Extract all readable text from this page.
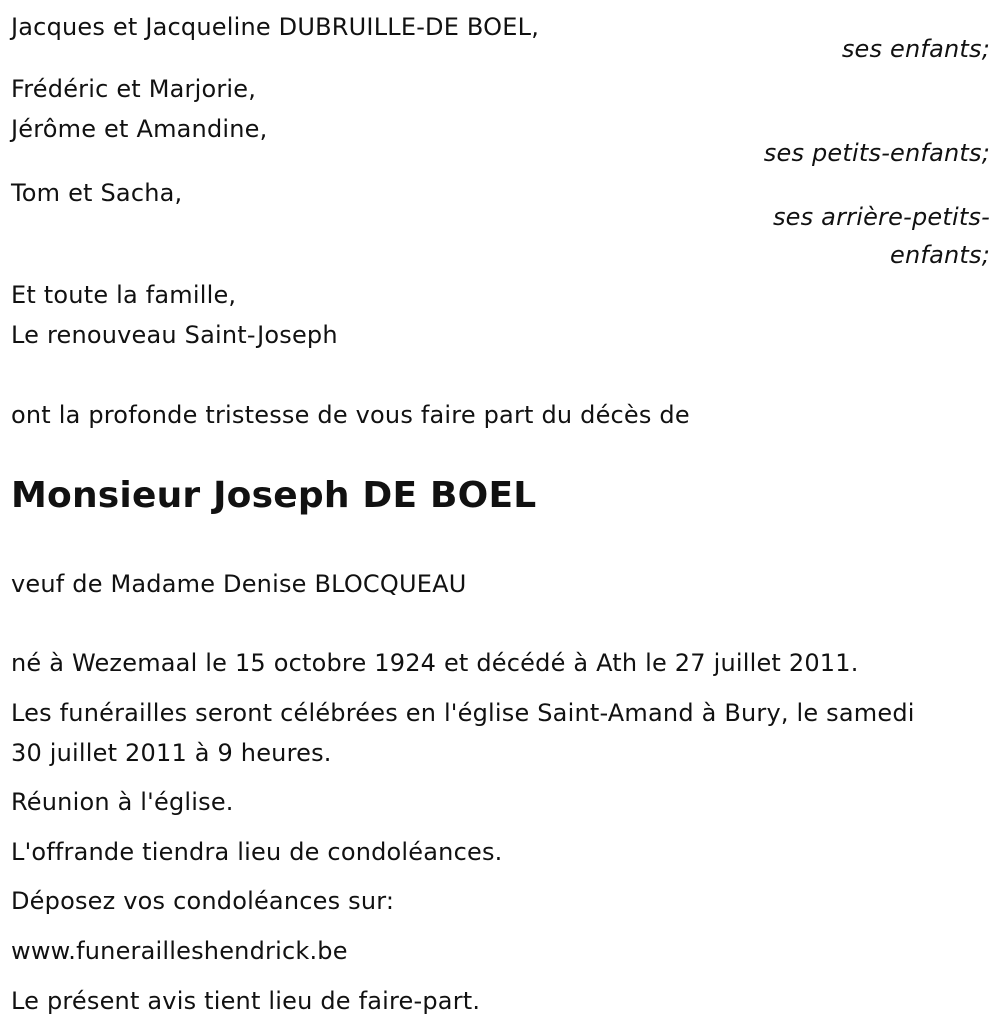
Jacques et Jacqueline DUBRUILLE-DE BOEL,
ses enfants;
Frédéric et Marjorie,
Jérôme et Amandine,
ses petits-enfants;
Tom et Sacha,
ses arrière-petits-
enfants;
Et toute la famille,
Le renouveau Saint-Joseph
ont la profonde tristesse de vous faire part du décès de
Monsieur Joseph DE BOEL
veuf de Madame Denise BLOCQUEAU
né à Wezemaal le 15 octobre 1924 et décédé à Ath le 27 juillet 2011.
Les funérailles seront célébrées en l'église Saint-Amand à Bury, le samedi
30 juillet 2011 à 9 heures.
Réunion à l'église.
L'offrande tiendra lieu de condoléances.
Déposez vos condoléances sur:
www.funerailleshendrick.be
Le présent avis tient lieu de faire-part.
